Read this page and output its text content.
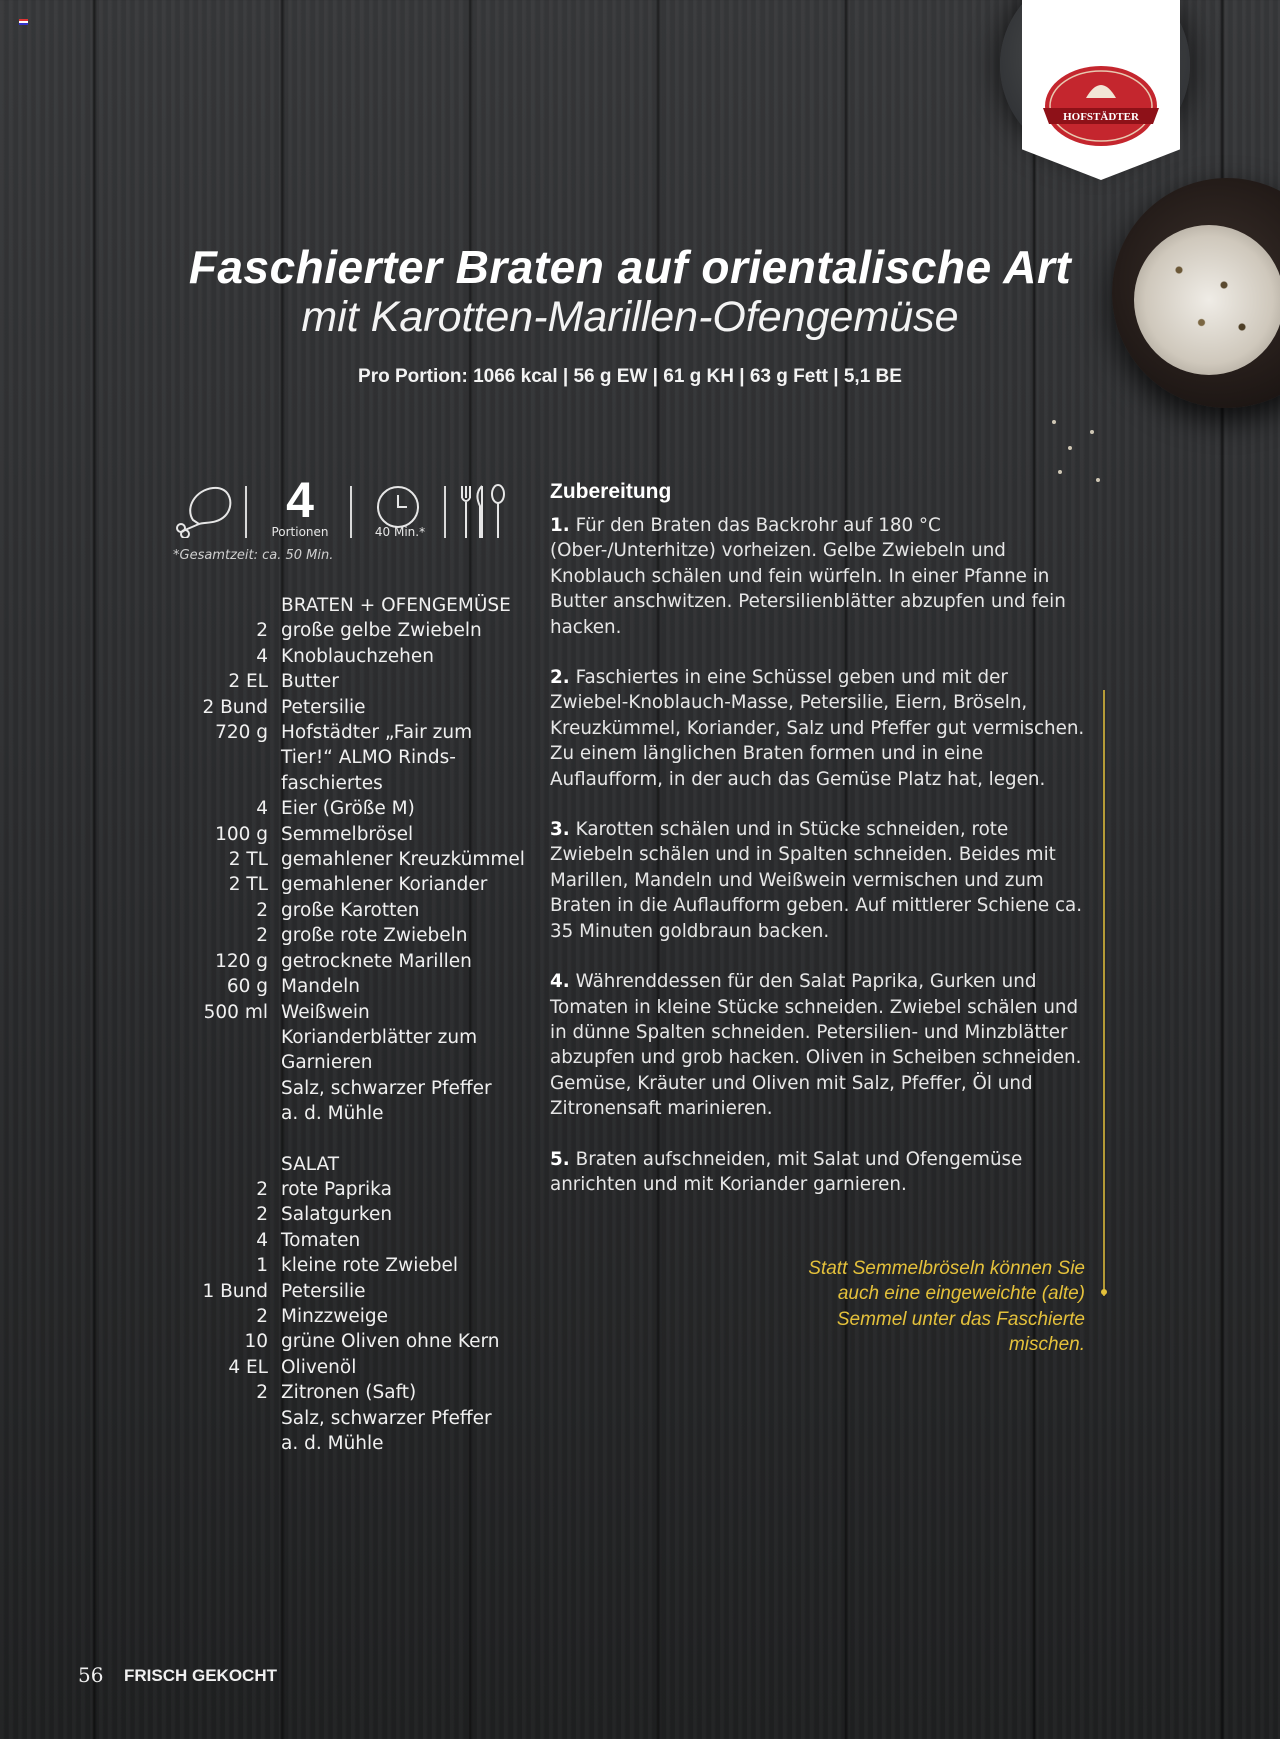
HOFSTÄDTER
Faschierter Braten auf orientalische Art
mit Karotten-Marillen-Ofengemüse
Pro Portion: 1066 kcal | 56 g EW | 61 g KH | 63 g Fett | 5,1 BE
4
Portionen	40 Min.*
*Gesamtzeit: ca. 50 Min.
BRATEN + OFENGEMÜSE
2 große gelbe Zwiebeln
4 Knoblauchzehen
2 EL Butter
2 Bund Petersilie
720 g Hofstädter „Fair zum
Tier!“ ALMO Rinds-
faschiertes
4 Eier (Größe M)
100 g Semmelbrösel
2 TL gemahlener Kreuzkümmel
2 TL gemahlener Koriander
2 große Karotten
2 große rote Zwiebeln
120 g getrocknete Marillen
60 g Mandeln
500 ml Weißwein
Korianderblätter zum
Garnieren
Salz, schwarzer Pfeffer
a. d. Mühle
SALAT
2 rote Paprika
2 Salatgurken
4 Tomaten
1 kleine rote Zwiebel
1 Bund Petersilie
2 Minzzweige
10 grüne Oliven ohne Kern
4 EL Olivenöl
2 Zitronen (Saft)
Salz, schwarzer Pfeffer
a. d. Mühle
Zubereitung
1. Für den Braten das Backrohr auf 180 °C (Ober-/Unterhitze) vorheizen. Gelbe Zwiebeln und Knoblauch schälen und fein würfeln. In einer Pfanne in Butter anschwitzen. Petersilienblätter abzupfen und fein hacken.
2. Faschiertes in eine Schüssel geben und mit der Zwiebel-Knoblauch-Masse, Petersilie, Eiern, Bröseln, Kreuzkümmel, Koriander, Salz und Pfeffer gut vermischen. Zu einem länglichen Braten formen und in eine Auflaufform, in der auch das Gemüse Platz hat, legen.
3. Karotten schälen und in Stücke schneiden, rote Zwiebeln schälen und in Spalten schneiden. Beides mit Marillen, Mandeln und Weißwein vermischen und zum Braten in die Auflaufform geben. Auf mittlerer Schiene ca. 35 Minuten goldbraun backen.
4. Währenddessen für den Salat Paprika, Gurken und Tomaten in kleine Stücke schneiden. Zwiebel schälen und in dünne Spalten schneiden. Petersilien- und Minzblätter abzupfen und grob hacken. Oliven in Scheiben schneiden. Gemüse, Kräuter und Oliven mit Salz, Pfeffer, Öl und Zitronensaft marinieren.
5. Braten aufschneiden, mit Salat und Ofengemüse anrichten und mit Koriander garnieren.
Statt Semmelbröseln können Sie auch eine eingeweichte (alte) Semmel unter das Faschierte mischen.
56 FRISCH GEKOCHT
